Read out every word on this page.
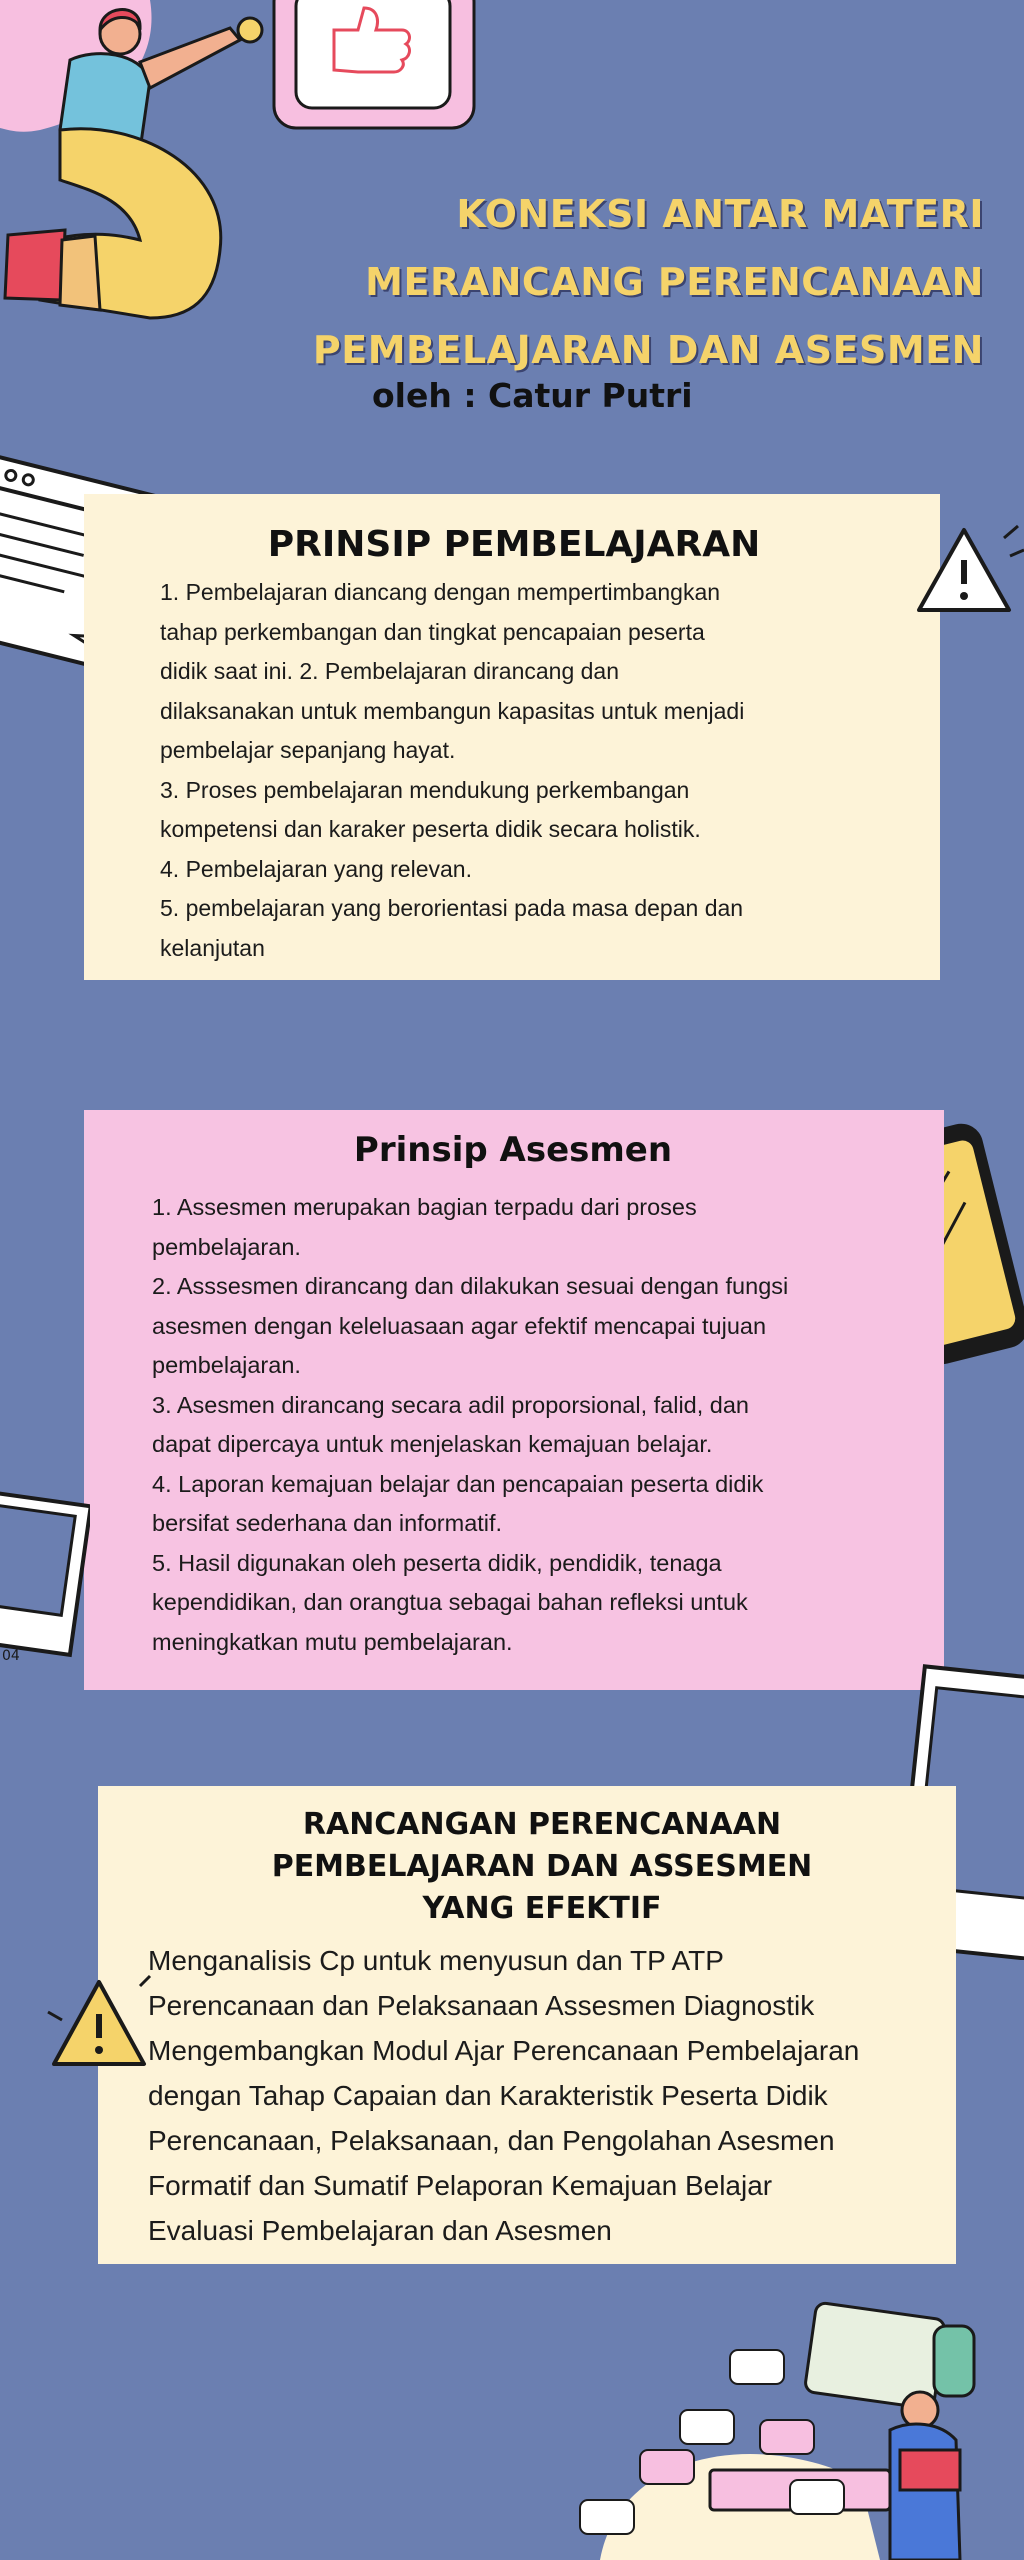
KONEKSI ANTAR MATERI
MERANCANG PERENCANAAN
PEMBELAJARAN DAN ASESMEN
oleh : Catur Putri
PRINSIP PEMBELAJARAN

1. Pembelajaran diancang dengan mempertimbangkan

tahap perkembangan dan tingkat pencapaian peserta

didik saat ini. 2. Pembelajaran dirancang dan

dilaksanakan untuk membangun kapasitas untuk menjadi

pembelajar sepanjang hayat.

3. Proses pembelajaran mendukung perkembangan

kompetensi dan karaker peserta didik secara holistik.

4. Pembelajaran yang relevan.

5. pembelajaran yang berorientasi pada masa depan dan

kelanjutan

Prinsip Asesmen

1. Assesmen merupakan bagian terpadu dari proses

pembelajaran.

2. Asssesmen dirancang dan dilakukan sesuai dengan fungsi

asesmen dengan keleluasaan agar efektif mencapai tujuan

pembelajaran.

3. Asesmen dirancang secara adil proporsional, falid, dan

dapat dipercaya untuk menjelaskan kemajuan belajar.

4. Laporan kemajuan belajar dan pencapaian peserta didik

bersifat sederhana dan informatif.

5. Hasil digunakan oleh peserta didik, pendidik, tenaga

kependidikan, dan orangtua sebagai bahan refleksi untuk

meningkatkan mutu pembelajaran.

04
RANCANGAN PERENCANAAN
PEMBELAJARAN DAN ASSESMEN
YANG EFEKTIF

Menganalisis Cp untuk menyusun dan TP ATP

Perencanaan dan Pelaksanaan Assesmen Diagnostik

Mengembangkan Modul Ajar Perencanaan Pembelajaran

dengan Tahap Capaian dan Karakteristik Peserta Didik

Perencanaan, Pelaksanaan, dan Pengolahan Asesmen

Formatif dan Sumatif Pelaporan Kemajuan Belajar

Evaluasi Pembelajaran dan Asesmen
